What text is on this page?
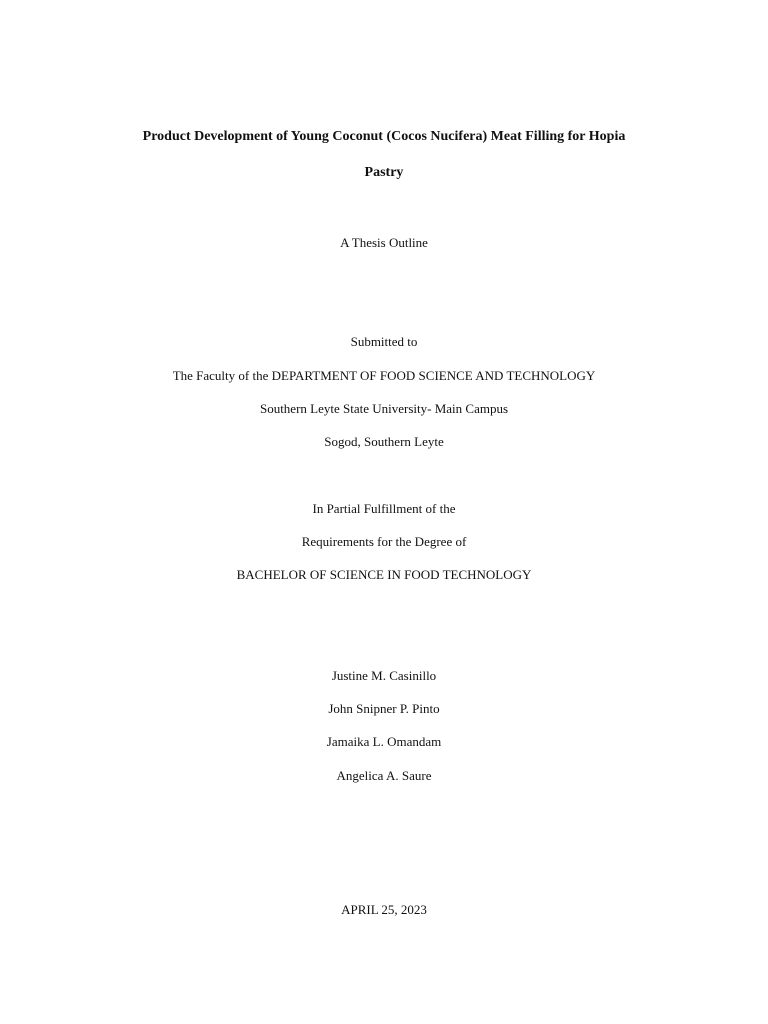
Product Development of Young Coconut (Cocos Nucifera) Meat Filling for Hopia
Pastry
A Thesis Outline
Submitted to
The Faculty of the DEPARTMENT OF FOOD SCIENCE AND TECHNOLOGY
Southern Leyte State University- Main Campus
Sogod, Southern Leyte
In Partial Fulfillment of the
Requirements for the Degree of
BACHELOR OF SCIENCE IN FOOD TECHNOLOGY
Justine M. Casinillo
John Snipner P. Pinto
Jamaika L. Omandam
Angelica A. Saure
APRIL 25, 2023
